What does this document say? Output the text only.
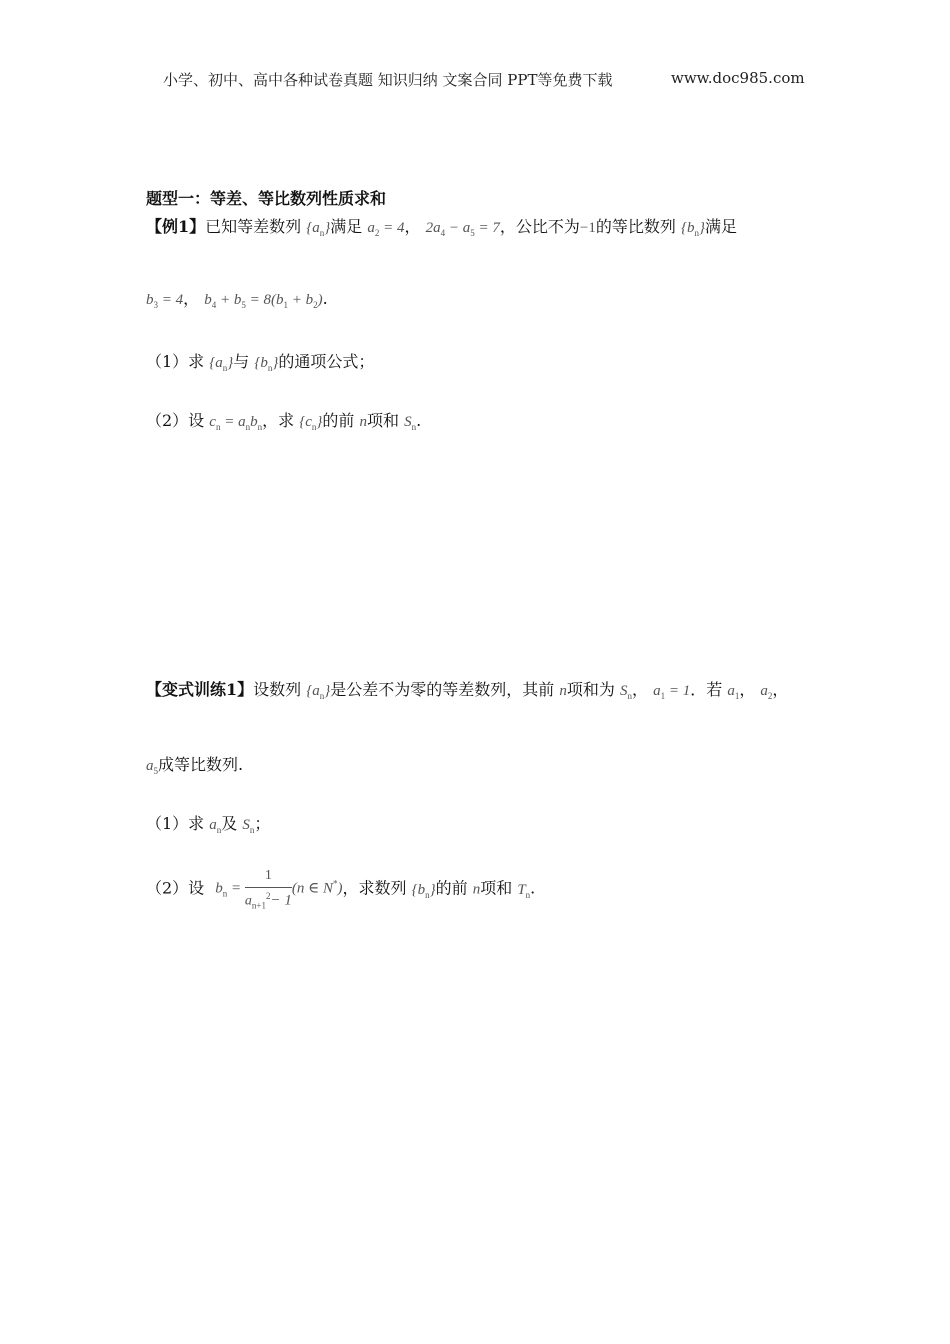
小学、初中、高中各种试卷真题 知识归纳 文案合同 PPT等免费下载	www.doc985.com
题型一：等差、等比数列性质求和
【例1】已知等差数列 $\{a_n\}$满足 $a_2 = 4$， $2a_4 - a_5 = 7$，公比不为−1的等比数列 $\{b_n\}$满足
$b_3 = 4$， $b_4 + b_5 = 8(b_1 + b_2)$.
（1）求 $\{a_n\}$与 $\{b_n\}$的通项公式；
（2）设 $c_n = a_nb_n$，求 $\{c_n\}$的前 n项和 $S_n$.
【变式训练1】设数列 $\{a_n\}$是公差不为零的等差数列，其前 n项和为 $S_n$， $a_1 = 1$．若 $a_1$， $a_2$，
$a_5$成等比数列.
（1）求 $a_n$及 $S_n$；
（2）设 $b_n = \frac{1}{a_{n+1}^2- 1} (n$ ∈ N*)，求数列 $\{b_n\}$的前 n项和 $T_n$.
